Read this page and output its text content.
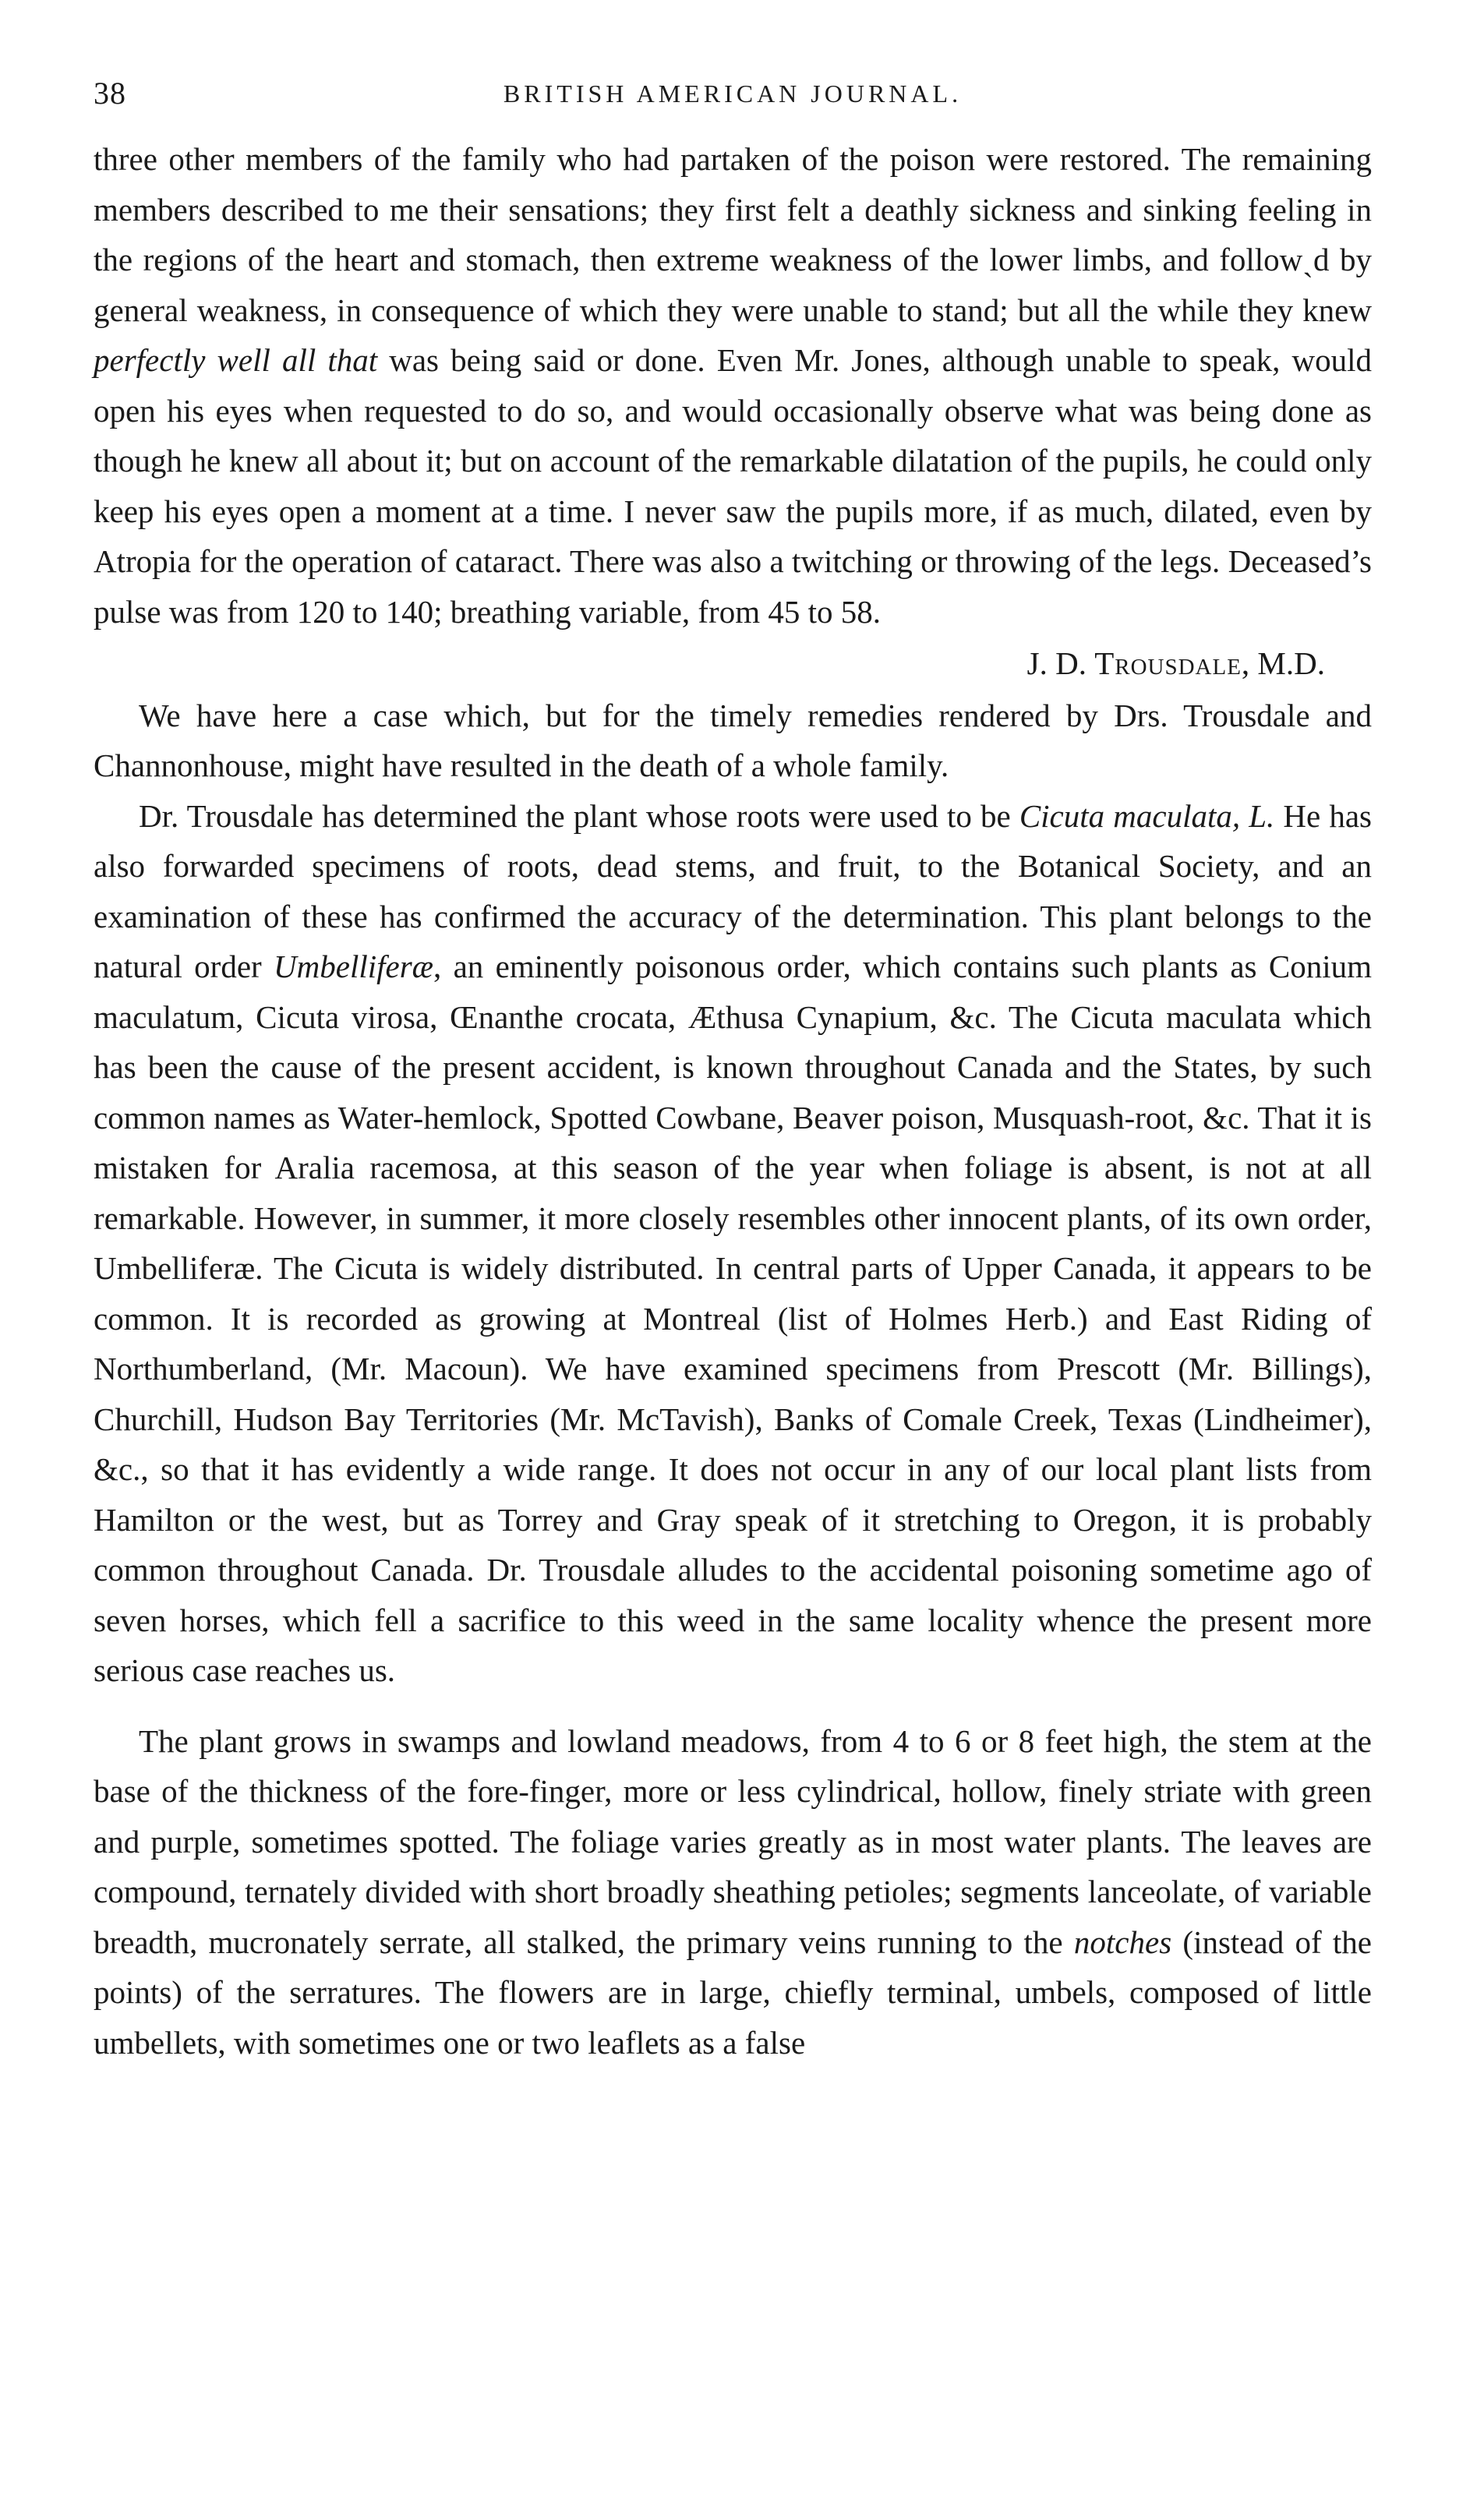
38	BRITISH AMERICAN JOURNAL.

three other members of the family who had partaken of the poison were restored. The remaining members described to me their sensations; they first felt a deathly sickness and sinking feeling in the regions of the heart and stomach, then extreme weakness of the lower limbs, and followˏd by general weakness, in consequence of which they were unable to stand; but all the while they knew perfectly well all that was being said or done. Even Mr. Jones, although unable to speak, would open his eyes when requested to do so, and would occasionally observe what was being done as though he knew all about it; but on account of the remarkable dilatation of the pupils, he could only keep his eyes open a moment at a time. I never saw the pupils more, if as much, dilated, even by Atropia for the operation of cataract. There was also a twitching or throwing of the legs. Deceased’s pulse was from 120 to 140; breathing variable, from 45 to 58.

J. D. Trousdale, M.D.

We have here a case which, but for the timely remedies rendered by Drs. Trousdale and Channonhouse, might have resulted in the death of a whole family.

Dr. Trousdale has determined the plant whose roots were used to be Cicuta maculata, L. He has also forwarded specimens of roots, dead stems, and fruit, to the Botanical Society, and an examination of these has confirmed the accuracy of the determination. This plant belongs to the natural order Umbelliferæ, an eminently poisonous order, which contains such plants as Conium maculatum, Cicuta virosa, Œnanthe crocata, Æthusa Cynapium, &c. The Cicuta maculata which has been the cause of the present accident, is known throughout Canada and the States, by such common names as Water-hemlock, Spotted Cowbane, Beaver poison, Musquash-root, &c. That it is mistaken for Aralia racemosa, at this season of the year when foliage is absent, is not at all remarkable. However, in summer, it more closely resembles other innocent plants, of its own order, Umbelliferæ. The Cicuta is widely distributed. In central parts of Upper Canada, it appears to be common. It is recorded as growing at Montreal (list of Holmes Herb.) and East Riding of Northumberland, (Mr. Macoun). We have examined specimens from Prescott (Mr. Billings), Churchill, Hudson Bay Territories (Mr. McTavish), Banks of Comale Creek, Texas (Lindheimer), &c., so that it has evidently a wide range. It does not occur in any of our local plant lists from Hamilton or the west, but as Torrey and Gray speak of it stretching to Oregon, it is probably common throughout Canada. Dr. Trousdale alludes to the accidental poisoning sometime ago of seven horses, which fell a sacrifice to this weed in the same locality whence the present more serious case reaches us.

The plant grows in swamps and lowland meadows, from 4 to 6 or 8 feet high, the stem at the base of the thickness of the fore-finger, more or less cylindrical, hollow, finely striate with green and purple, sometimes spotted. The foliage varies greatly as in most water plants. The leaves are compound, ternately divided with short broadly sheathing petioles; segments lanceolate, of variable breadth, mucronately serrate, all stalked, the primary veins running to the notches (instead of the points) of the serratures. The flowers are in large, chiefly terminal, umbels, composed of little umbellets, with sometimes one or two leaflets as a false
